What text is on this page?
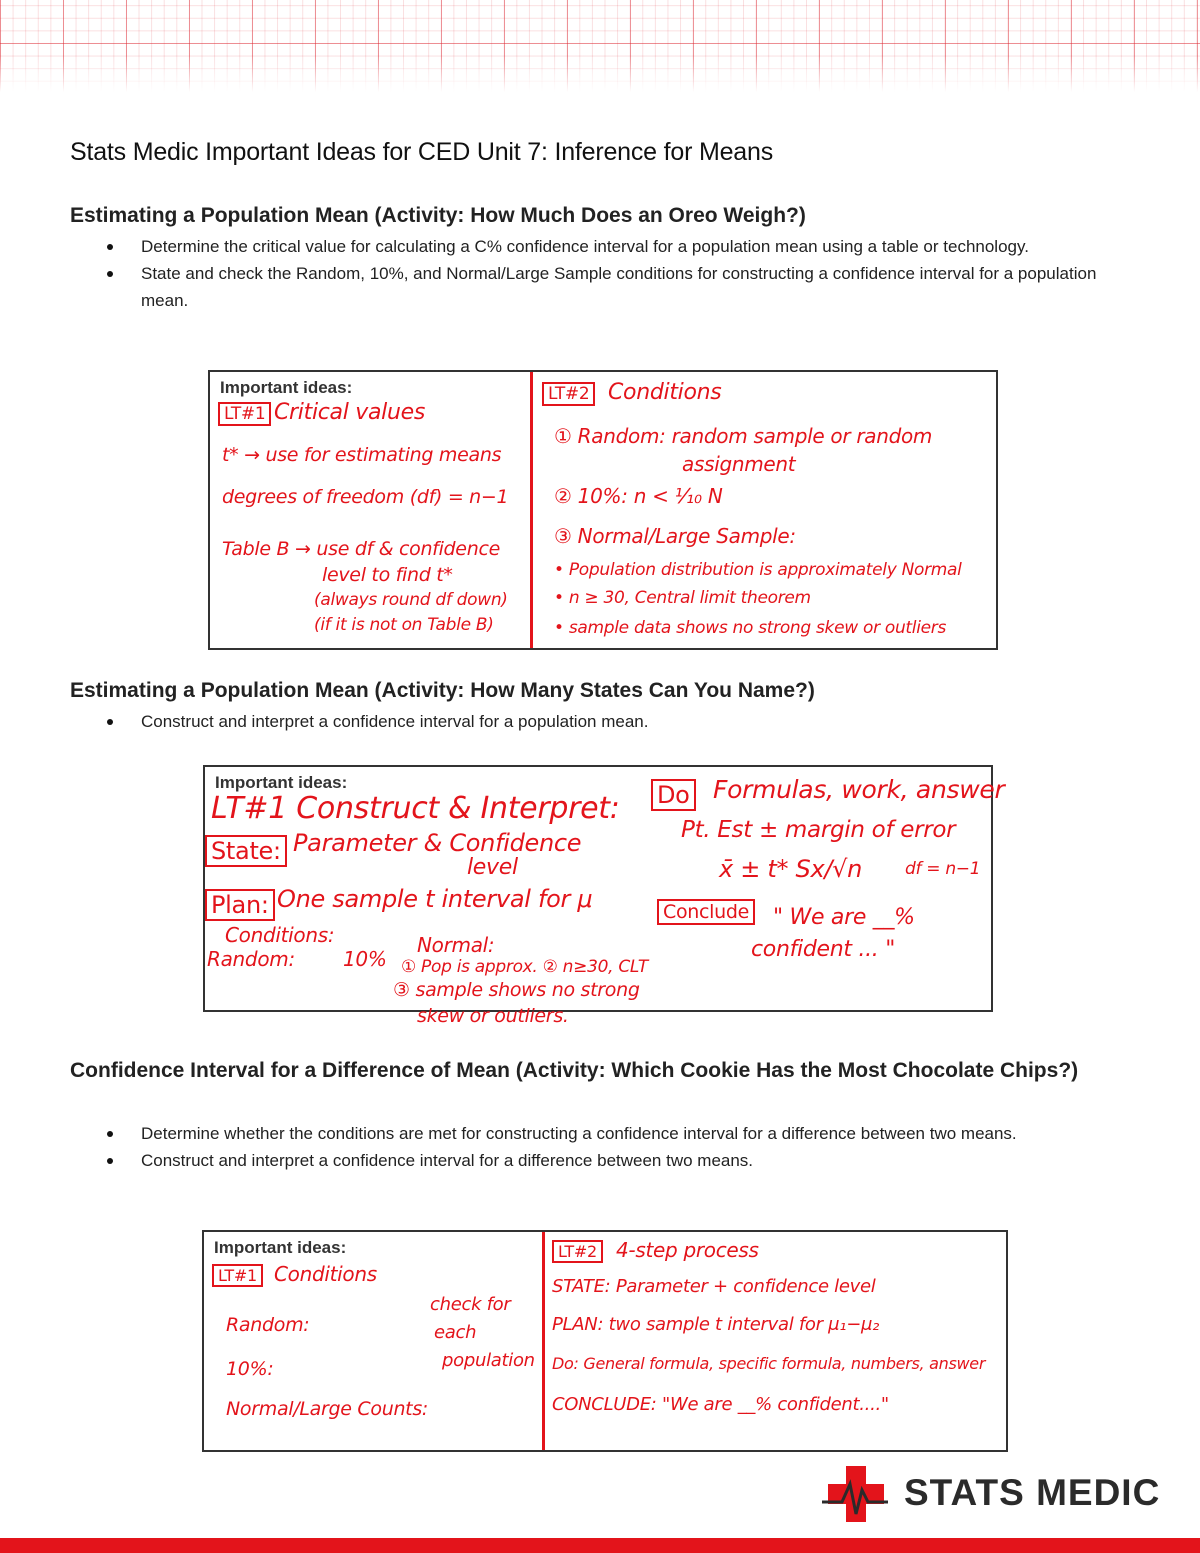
Stats Medic Important Ideas for CED Unit 7: Inference for Means
Estimating a Population Mean (Activity: How Much Does an Oreo Weigh?)
Determine the critical value for calculating a C% confidence interval for a population mean using a table or technology.
State and check the Random, 10%, and Normal/Large Sample conditions for constructing a confidence interval for a population mean.
Important ideas:
LT#1 Critical values
t* → use for estimating means
degrees of freedom (df) = n−1
Table B → use df & confidence
level to find t*
(always round df down)
(if it is not on Table B)
LT#2 Conditions
① Random: random sample or random
assignment
② 10%: n < ⅒ N
③ Normal/Large Sample:
• Population distribution is approximately Normal
• n ≥ 30, Central limit theorem
• sample data shows no strong skew or outliers
Estimating a Population Mean (Activity: How Many States Can You Name?)
Construct and interpret a confidence interval for a population mean.
Important ideas:
LT#1 Construct & Interpret:
State: Parameter & Confidence
level
Plan: One sample t interval for μ
Conditions:
Random: 10%
Normal:
① Pop is approx. ② n≥30, CLT
③ sample shows no strong
skew or outliers.
Do Formulas, work, answer
Pt. Est ± margin of error
x̄ ± t* Sx/√n	df = n−1
Conclude " We are __%
confident ... "
Confidence Interval for a Difference of Mean (Activity: Which Cookie Has the Most Chocolate Chips?)
Determine whether the conditions are met for constructing a confidence interval for a difference between two means.
Construct and interpret a confidence interval for a difference between two means.
Important ideas:
LT#1 Conditions
Random:
10%:
Normal/Large Counts:
check for
each
population
LT#2 4-step process
STATE: Parameter + confidence level
PLAN: two sample t interval for μ₁−μ₂
Do: General formula, specific formula, numbers, answer
CONCLUDE: "We are __% confident...."
STATS MEDIC
